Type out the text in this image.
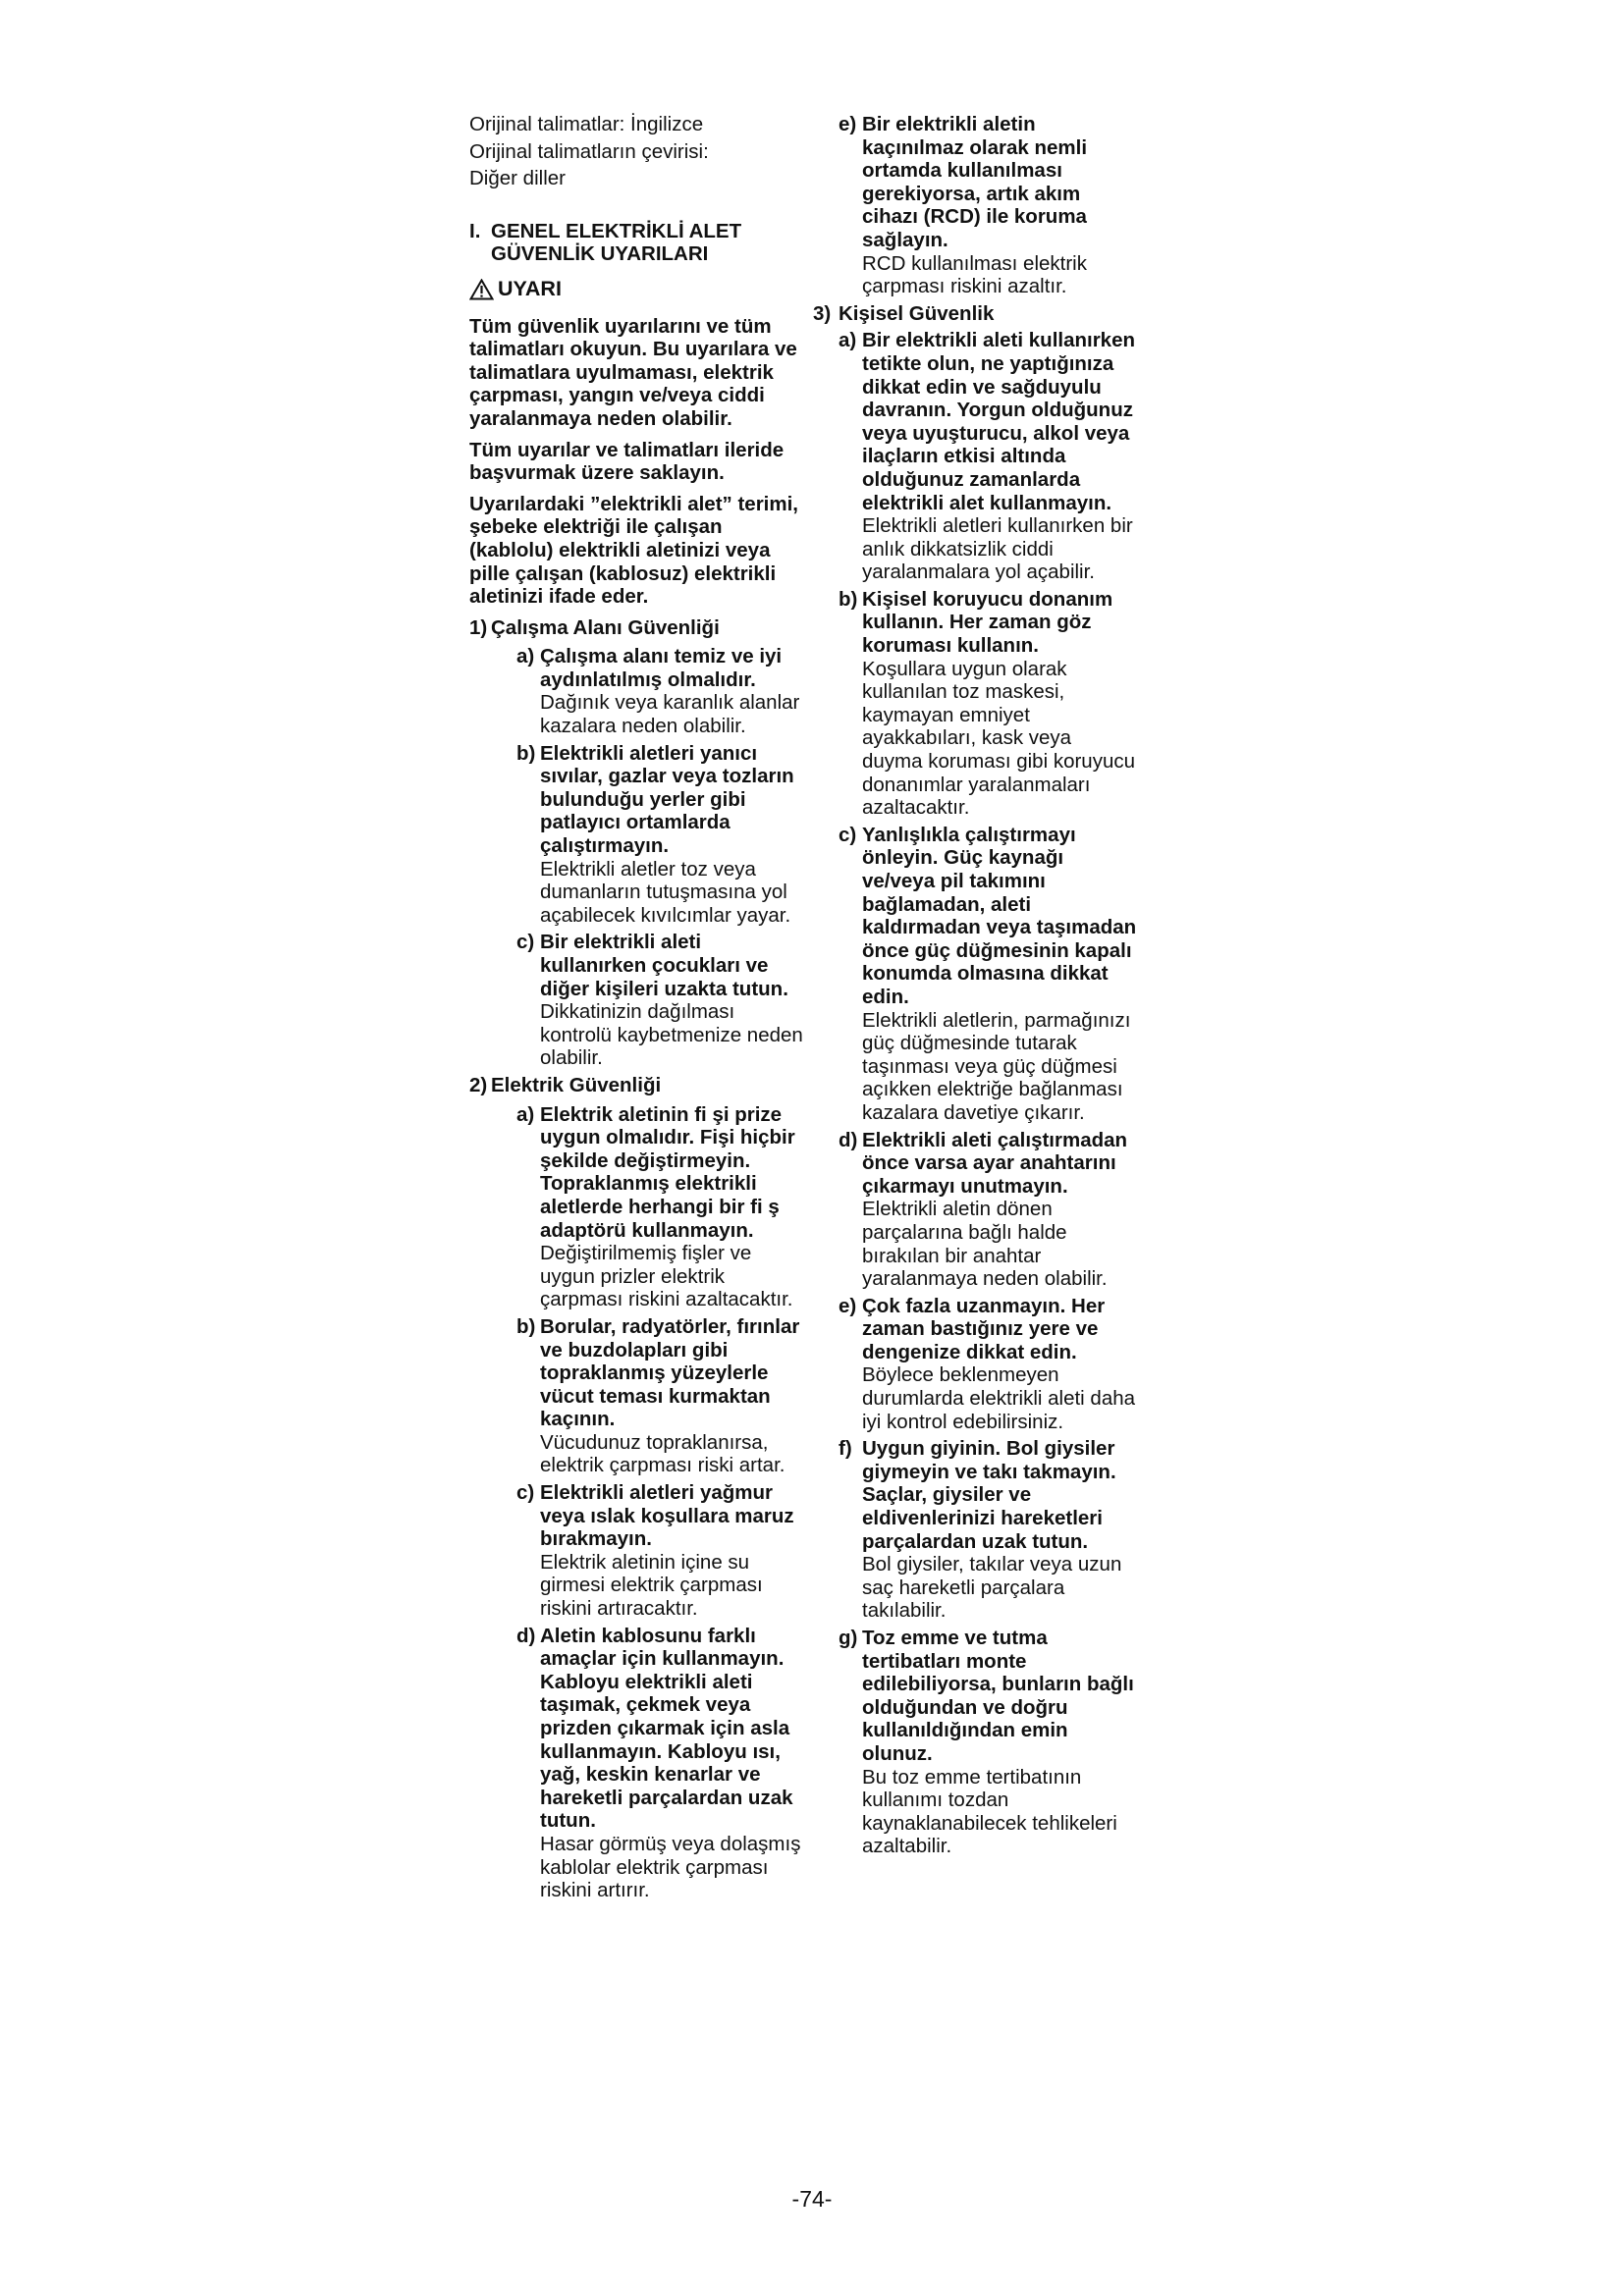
Orijinal talimatlar: İngilizce
Orijinal talimatların çevirisi:
Diğer diller
I. GENEL ELEKTRİKLİ ALET GÜVENLİK UYARILARI
UYARI
Tüm güvenlik uyarılarını ve tüm talimatları okuyun. Bu uyarılara ve talimatlara uyulmaması, elektrik çarpması, yangın ve/veya ciddi yaralanmaya neden olabilir.
Tüm uyarılar ve talimatları ileride başvurmak üzere saklayın.
Uyarılardaki ”elektrikli alet” terimi, şebeke elektriği ile çalışan (kablolu) elektrikli aletinizi veya pille çalışan (kablosuz) elektrikli aletinizi ifade eder.
1) Çalışma Alanı Güvenliği
a) Çalışma alanı temiz ve iyi aydınlatılmış olmalıdır.
Dağınık veya karanlık alanlar kazalara neden olabilir.
b) Elektrikli aletleri yanıcı sıvılar, gazlar veya tozların bulunduğu yerler gibi patlayıcı ortamlarda çalıştırmayın.
Elektrikli aletler toz veya dumanların tutuşmasına yol açabilecek kıvılcımlar yayar.
c) Bir elektrikli aleti kullanırken çocukları ve diğer kişileri uzakta tutun.
Dikkatinizin dağılması kontrolü kaybetmenize neden olabilir.
2) Elektrik Güvenliği
a) Elektrik aletinin fi şi prize uygun olmalıdır. Fişi hiçbir şekilde değiştirmeyin. Topraklanmış elektrikli aletlerde herhangi bir fi ş adaptörü kullanmayın.
Değiştirilmemiş fişler ve uygun prizler elektrik çarpması riskini azaltacaktır.
b) Borular, radyatörler, fırınlar ve buzdolapları gibi topraklanmış yüzeylerle vücut teması kurmaktan kaçının.
Vücudunuz topraklanırsa, elektrik çarpması riski artar.
c) Elektrikli aletleri yağmur veya ıslak koşullara maruz bırakmayın.
Elektrik aletinin içine su girmesi elektrik çarpması riskini artıracaktır.
d) Aletin kablosunu farklı amaçlar için kullanmayın. Kabloyu elektrikli aleti taşımak, çekmek veya prizden çıkarmak için asla kullanmayın. Kabloyu ısı, yağ, keskin kenarlar ve hareketli parçalardan uzak tutun.
Hasar görmüş veya dolaşmış kablolar elektrik çarpması riskini artırır.
e) Bir elektrikli aletin kaçınılmaz olarak nemli ortamda kullanılması gerekiyorsa, artık akım cihazı (RCD) ile koruma sağlayın.
RCD kullanılması elektrik çarpması riskini azaltır.
3) Kişisel Güvenlik
a) Bir elektrikli aleti kullanırken tetikte olun, ne yaptığınıza dikkat edin ve sağduyulu davranın. Yorgun olduğunuz veya uyuşturucu, alkol veya ilaçların etkisi altında olduğunuz zamanlarda elektrikli alet kullanmayın.
Elektrikli aletleri kullanırken bir anlık dikkatsizlik ciddi yaralanmalara yol açabilir.
b) Kişisel koruyucu donanım kullanın. Her zaman göz koruması kullanın.
Koşullara uygun olarak kullanılan toz maskesi, kaymayan emniyet ayakkabıları, kask veya duyma koruması gibi koruyucu donanımlar yaralanmaları azaltacaktır.
c) Yanlışlıkla çalıştırmayı önleyin. Güç kaynağı ve/veya pil takımını bağlamadan, aleti kaldırmadan veya taşımadan önce güç düğmesinin kapalı konumda olmasına dikkat edin.
Elektrikli aletlerin, parmağınızı güç düğmesinde tutarak taşınması veya güç düğmesi açıkken elektriğe bağlanması kazalara davetiye çıkarır.
d) Elektrikli aleti çalıştırmadan önce varsa ayar anahtarını çıkarmayı unutmayın.
Elektrikli aletin dönen parçalarına bağlı halde bırakılan bir anahtar yaralanmaya neden olabilir.
e) Çok fazla uzanmayın. Her zaman bastığınız yere ve dengenize dikkat edin.
Böylece beklenmeyen durumlarda elektrikli aleti daha iyi kontrol edebilirsiniz.
f) Uygun giyinin. Bol giysiler giymeyin ve takı takmayın. Saçlar, giysiler ve eldivenlerinizi hareketleri parçalardan uzak tutun.
Bol giysiler, takılar veya uzun saç hareketli parçalara takılabilir.
g) Toz emme ve tutma tertibatları monte edilebiliyorsa, bunların bağlı olduğundan ve doğru kullanıldığından emin olunuz.
Bu toz emme tertibatının kullanımı tozdan kaynaklanabilecek tehlikeleri azaltabilir.
-74-
